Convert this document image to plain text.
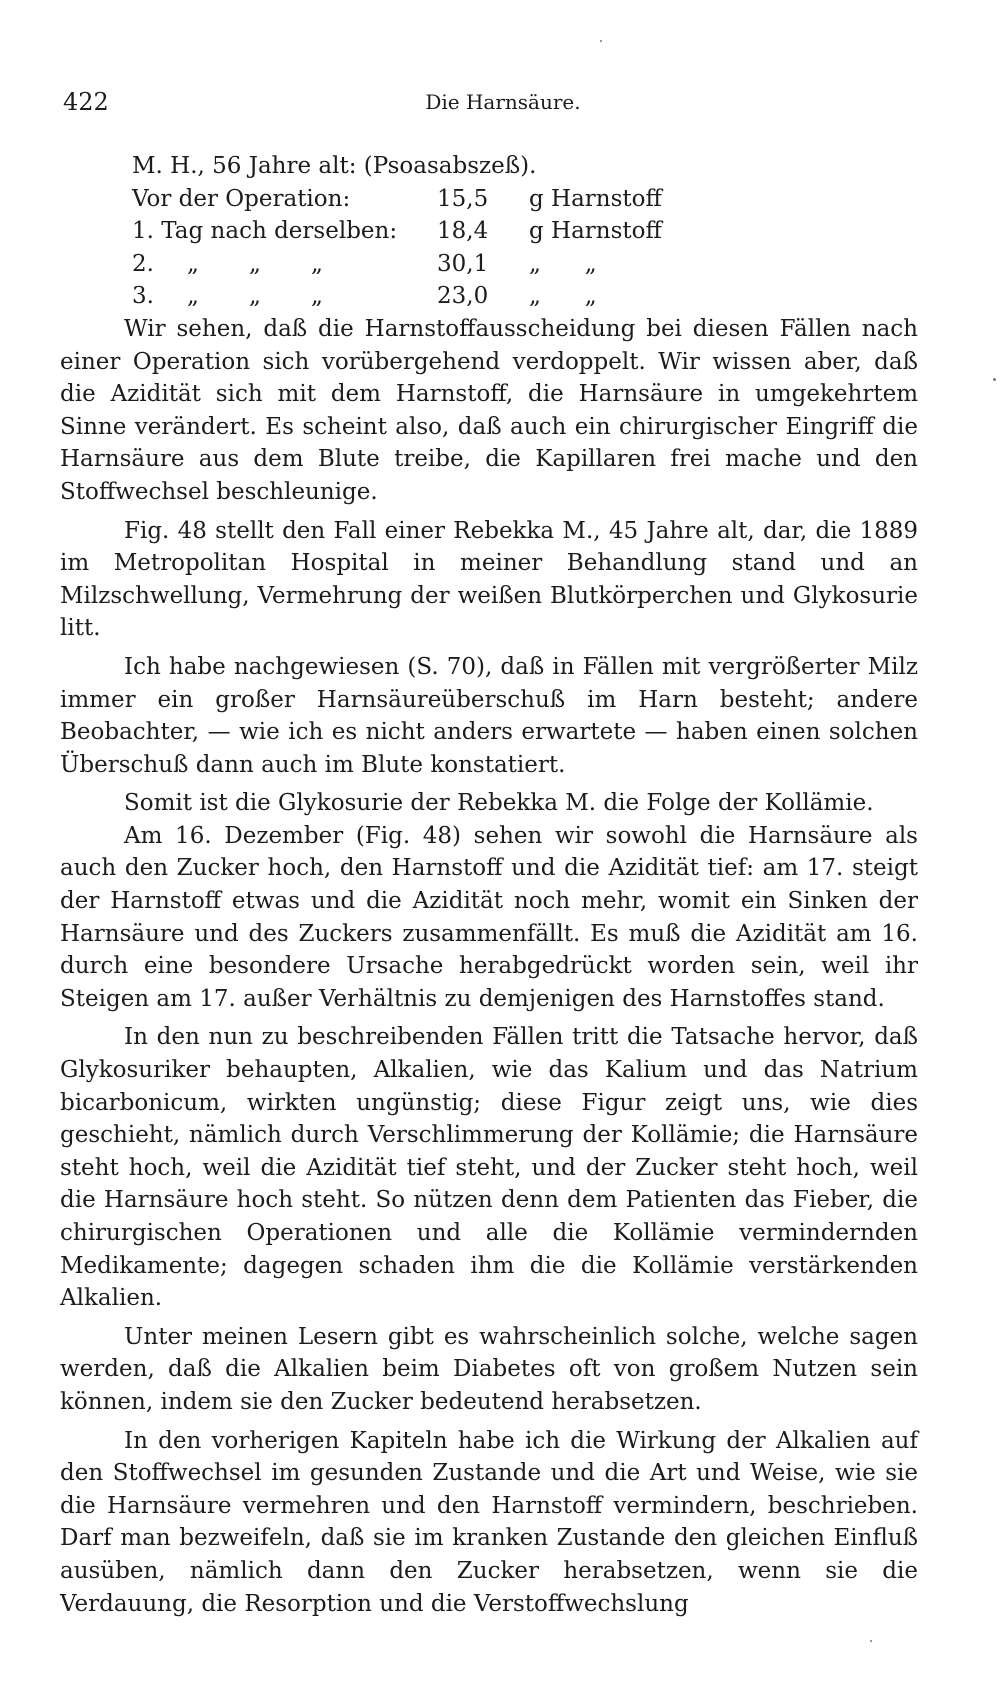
422	Die Harnsäure.
M. H., 56 Jahre alt: (Psoasabszeß).
Vor der Operation:	15,5	g Harnstoff
1. Tag nach derselben:	18,4	g Harnstoff
2. „ „ „	30,1	„      „
3. „ „ „	23,0	„      „

Wir sehen, daß die Harnstoffausscheidung bei diesen Fällen nach einer Operation sich vorübergehend verdoppelt. Wir wissen aber, daß die Azidität sich mit dem Harnstoff, die Harnsäure in umgekehrtem Sinne verändert. Es scheint also, daß auch ein chirurgischer Eingriff die Harnsäure aus dem Blute treibe, die Kapillaren frei mache und den Stoffwechsel beschleunige.

Fig. 48 stellt den Fall einer Rebekka M., 45 Jahre alt, dar, die 1889 im Metropolitan Hospital in meiner Behandlung stand und an Milzschwellung, Vermehrung der weißen Blutkörperchen und Glykosurie litt.

Ich habe nachgewiesen (S. 70), daß in Fällen mit vergrößerter Milz immer ein großer Harnsäureüberschuß im Harn besteht; andere Beobachter, — wie ich es nicht anders erwartete — haben einen solchen Überschuß dann auch im Blute konstatiert.

Somit ist die Glykosurie der Rebekka M. die Folge der Kollämie.

Am 16. Dezember (Fig. 48) sehen wir sowohl die Harnsäure als auch den Zucker hoch, den Harnstoff und die Azidität tief: am 17. steigt der Harnstoff etwas und die Azidität noch mehr, womit ein Sinken der Harnsäure und des Zuckers zusammenfällt. Es muß die Azidität am 16. durch eine besondere Ursache herabgedrückt worden sein, weil ihr Steigen am 17. außer Verhältnis zu demjenigen des Harnstoffes stand.

In den nun zu beschreibenden Fällen tritt die Tatsache hervor, daß Glykosuriker behaupten, Alkalien, wie das Kalium und das Natrium bicarbonicum, wirkten ungünstig; diese Figur zeigt uns, wie dies geschieht, nämlich durch Verschlimmerung der Kollämie; die Harnsäure steht hoch, weil die Azidität tief steht, und der Zucker steht hoch, weil die Harnsäure hoch steht. So nützen denn dem Patienten das Fieber, die chirurgischen Operationen und alle die Kollämie vermindernden Medikamente; dagegen schaden ihm die die Kollämie verstärkenden Alkalien.

Unter meinen Lesern gibt es wahrscheinlich solche, welche sagen werden, daß die Alkalien beim Diabetes oft von großem Nutzen sein können, indem sie den Zucker bedeutend herabsetzen.

In den vorherigen Kapiteln habe ich die Wirkung der Alkalien auf den Stoffwechsel im gesunden Zustande und die Art und Weise, wie sie die Harnsäure vermehren und den Harnstoff vermindern, beschrieben. Darf man bezweifeln, daß sie im kranken Zustande den gleichen Einfluß ausüben, nämlich dann den Zucker herabsetzen, wenn sie die Verdauung, die Resorption und die Verstoffwechslung
